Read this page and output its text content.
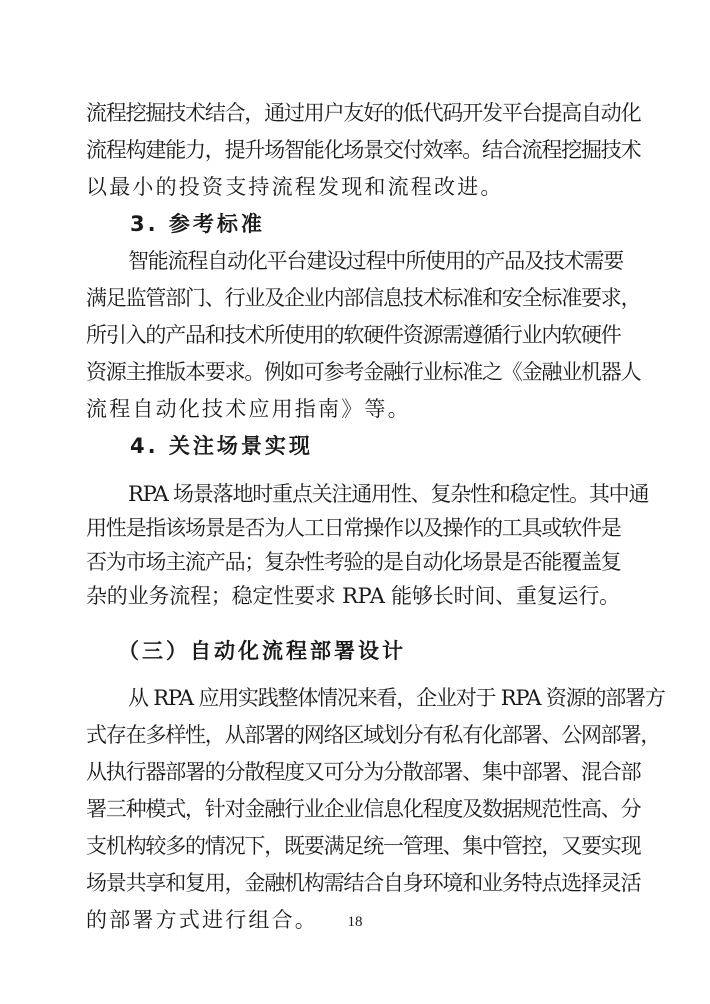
流程挖掘技术结合，通过用户友好的低代码开发平台提高自动化
流程构建能力，提升场智能化场景交付效率。结合流程挖掘技术
以最小的投资支持流程发现和流程改进。
3. 参考标准
智能流程自动化平台建设过程中所使用的产品及技术需要
满足监管部门、行业及企业内部信息技术标准和安全标准要求，
所引入的产品和技术所使用的软硬件资源需遵循行业内软硬件
资源主推版本要求。例如可参考金融行业标准之《金融业机器人
流程自动化技术应用指南》等。
4. 关注场景实现
RPA 场景落地时重点关注通用性、复杂性和稳定性。其中通
用性是指该场景是否为人工日常操作以及操作的工具或软件是
否为市场主流产品；复杂性考验的是自动化场景是否能覆盖复
杂的业务流程；稳定性要求 RPA 能够长时间、重复运行。
（三）自动化流程部署设计
从 RPA 应用实践整体情况来看，企业对于 RPA 资源的部署方
式存在多样性，从部署的网络区域划分有私有化部署、公网部署，
从执行器部署的分散程度又可分为分散部署、集中部署、混合部
署三种模式，针对金融行业企业信息化程度及数据规范性高、分
支机构较多的情况下，既要满足统一管理、集中管控，又要实现
场景共享和复用，金融机构需结合自身环境和业务特点选择灵活
的部署方式进行组合。	18
